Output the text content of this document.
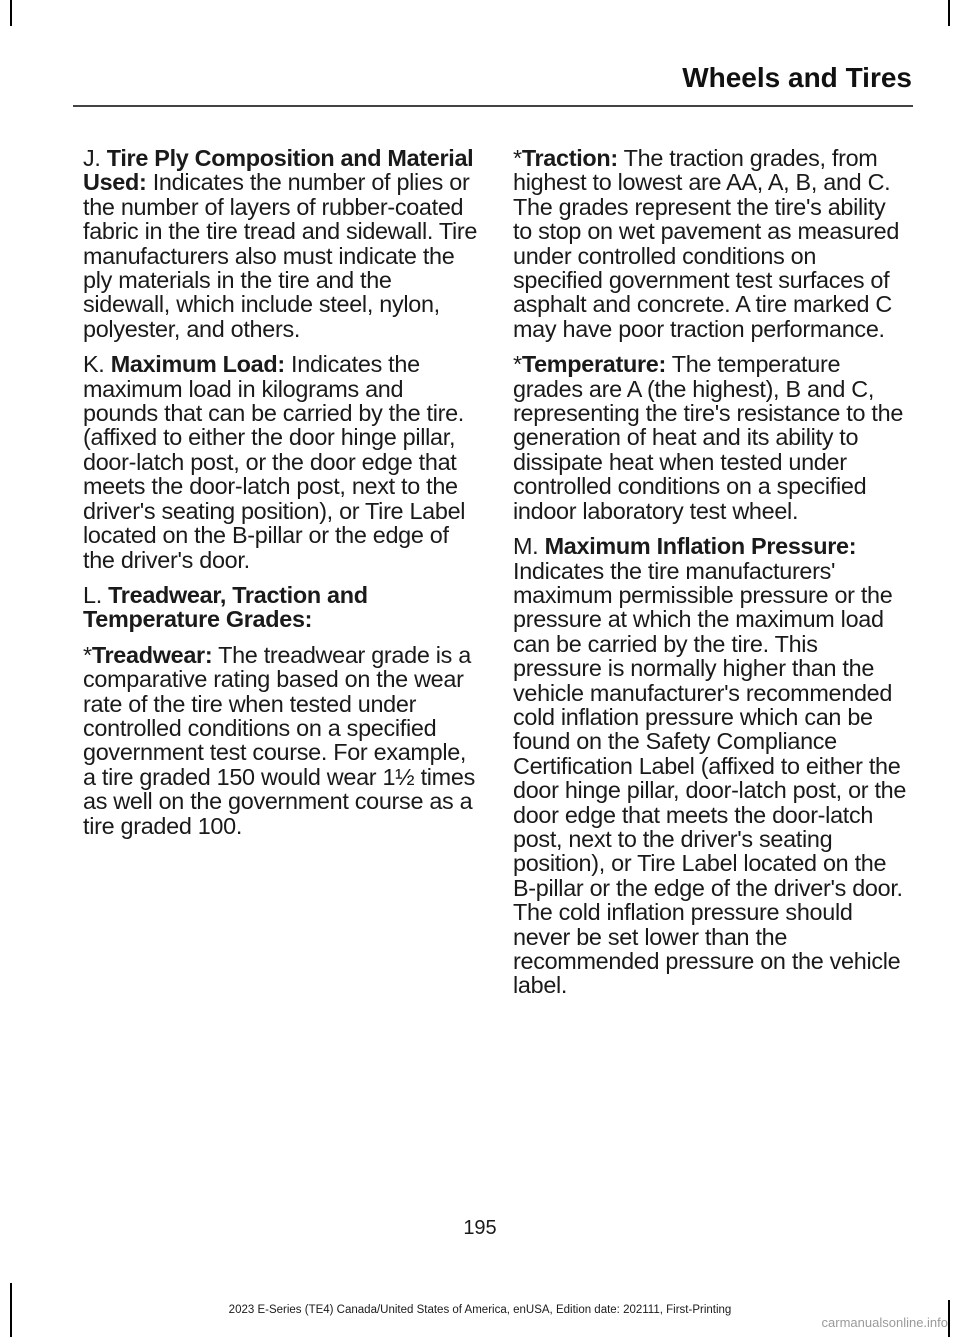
Wheels and Tires

J. Tire Ply Composition and Material Used: Indicates the number of plies or the number of layers of rubber-coated fabric in the tire tread and sidewall. Tire manufacturers also must indicate the ply materials in the tire and the sidewall, which include steel, nylon, polyester, and others.

K. Maximum Load: Indicates the maximum load in kilograms and pounds that can be carried by the tire. (affixed to either the door hinge pillar, door-latch post, or the door edge that meets the door-latch post, next to the driver's seating position), or Tire Label located on the B-pillar or the edge of the driver's door.

L. Treadwear, Traction and Temperature Grades:

*Treadwear: The treadwear grade is a comparative rating based on the wear rate of the tire when tested under controlled conditions on a specified government test course. For example, a tire graded 150 would wear 1½ times as well on the government course as a tire graded 100.

*Traction: The traction grades, from highest to lowest are AA, A, B, and C. The grades represent the tire's ability to stop on wet pavement as measured under controlled conditions on specified government test surfaces of asphalt and concrete. A tire marked C may have poor traction performance.

*Temperature: The temperature grades are A (the highest), B and C, representing the tire's resistance to the generation of heat and its ability to dissipate heat when tested under controlled conditions on a specified indoor laboratory test wheel.

M. Maximum Inflation Pressure: Indicates the tire manufacturers' maximum permissible pressure or the pressure at which the maximum load can be carried by the tire. This pressure is normally higher than the vehicle manufacturer's recommended cold inflation pressure which can be found on the Safety Compliance Certification Label (affixed to either the door hinge pillar, door-latch post, or the door edge that meets the door-latch post, next to the driver's seating position), or Tire Label located on the B-pillar or the edge of the driver's door. The cold inflation pressure should never be set lower than the recommended pressure on the vehicle label.

195
2023 E-Series (TE4) Canada/United States of America, enUSA, Edition date: 202111, First-Printing
carmanualsonline.info
